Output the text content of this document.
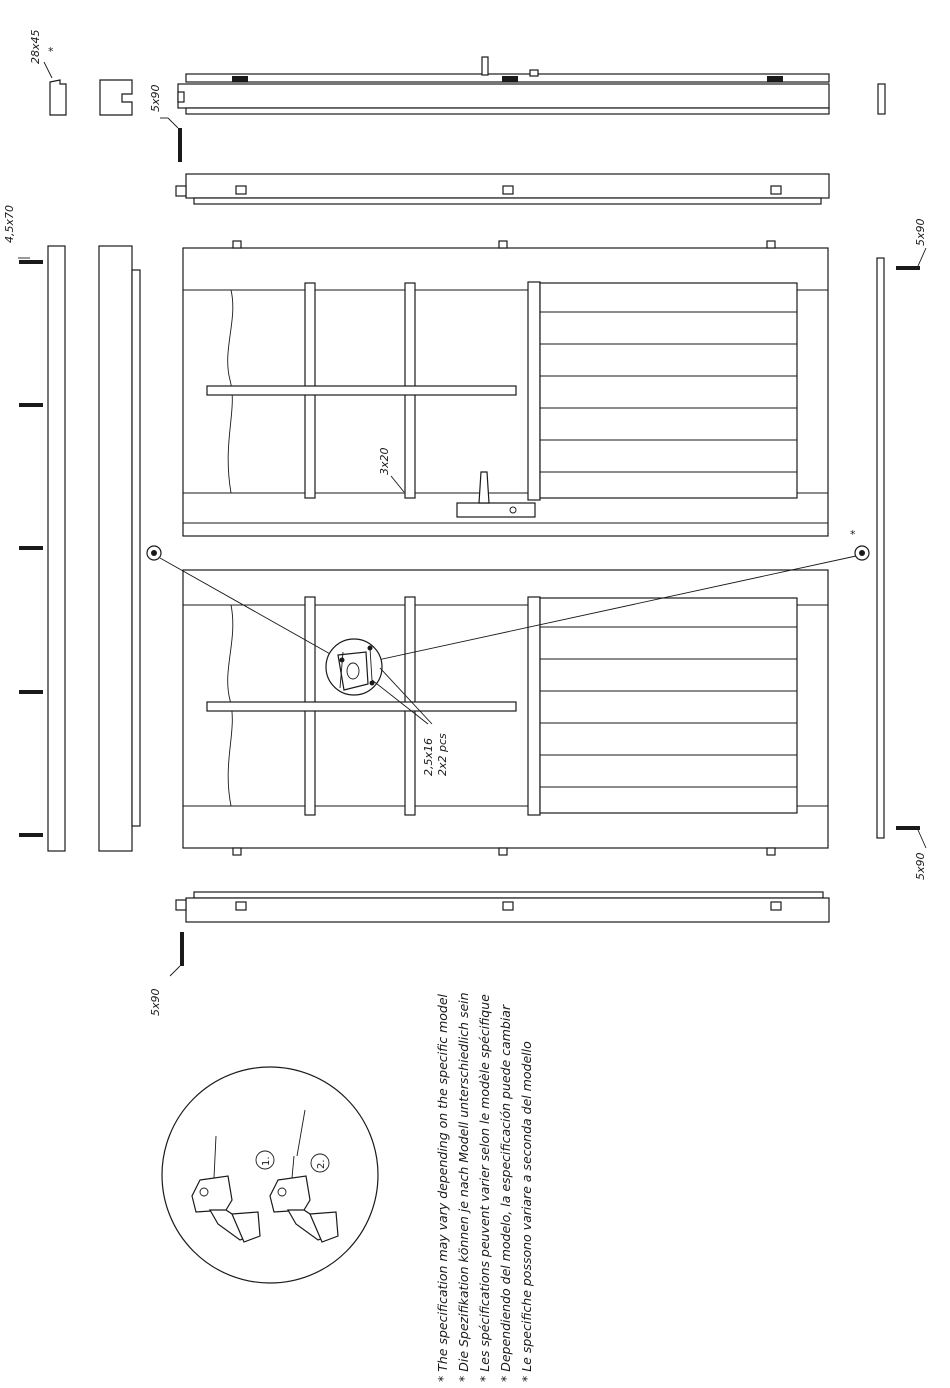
28x45 *
5x90
4,5x70
3x20
*
2,5x16 2x2 pcs
5x90
5x90
5x90
1.	2.	* The specification may vary depending on the specific model * Die Spezifikation können je nach Modell unterschiedlich sein * Les spécifications peuvent varier selon le modèle spécifique * Dependiendo del modelo, la especificación puede cambiar * Le specifiche possono variare a seconda del modello
